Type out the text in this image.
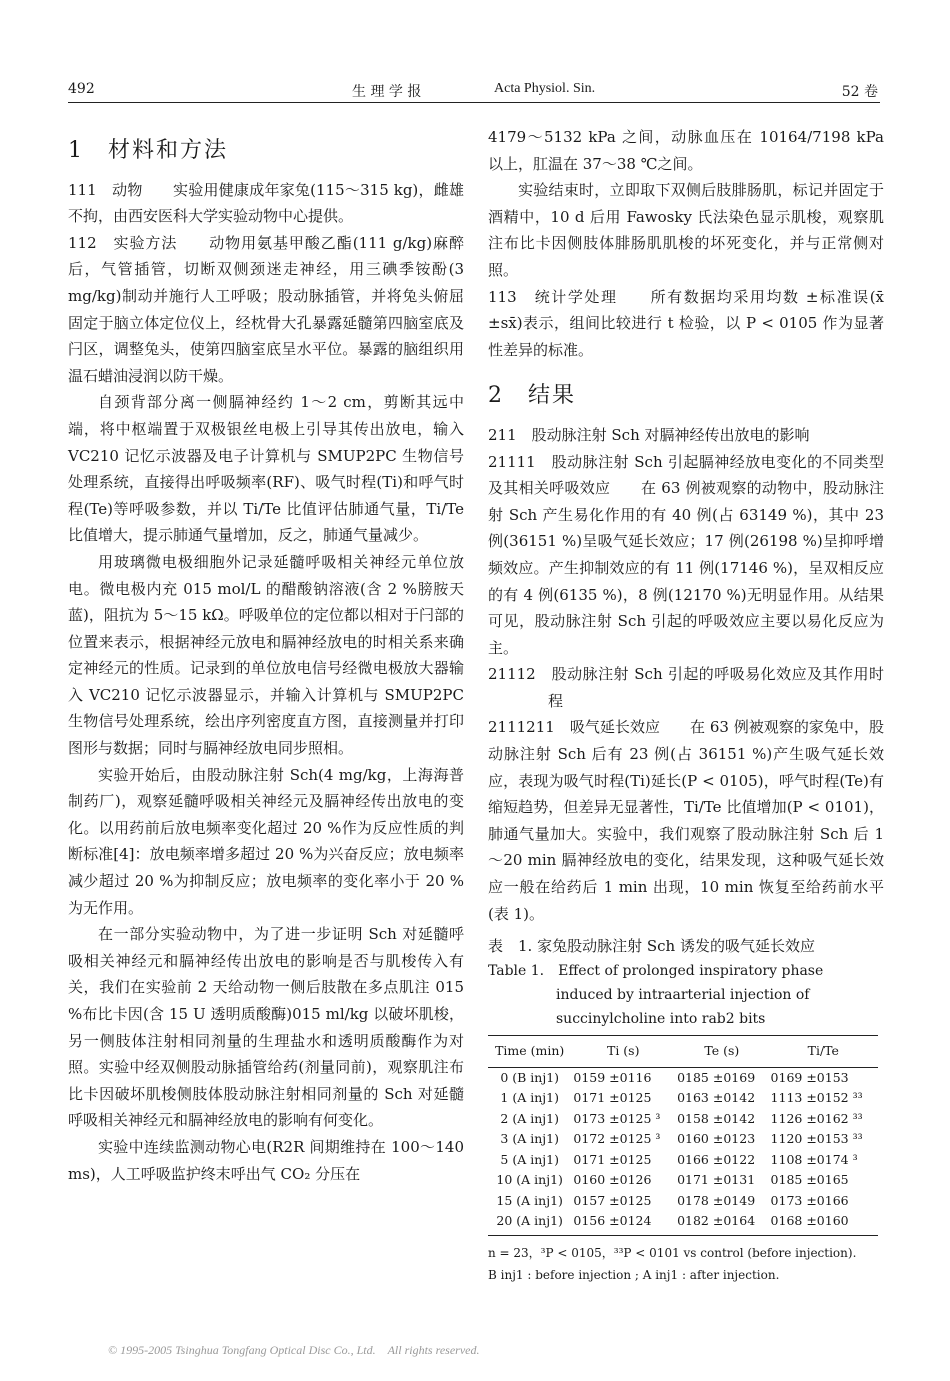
492	生 理 学 报	Acta Physiol. Sin.	52 卷

1　材料和方法

111　动物　　实验用健康成年家兔(115～315 kg)，雌雄不拘，由西安医科大学实验动物中心提供。

112　实验方法　　动物用氨基甲酸乙酯(111 g/kg)麻醉后，气管插管，切断双侧颈迷走神经，用三碘季铵酚(3 mg/kg)制动并施行人工呼吸；股动脉插管，并将兔头俯屈固定于脑立体定位仪上，经枕骨大孔暴露延髓第四脑室底及闩区，调整兔头，使第四脑室底呈水平位。暴露的脑组织用温石蜡油浸润以防干燥。

自颈背部分离一侧膈神经约 1～2 cm，剪断其远中端，将中枢端置于双极银丝电极上引导其传出放电，输入 VC210 记忆示波器及电子计算机与 SMUP2PC 生物信号处理系统，直接得出呼吸频率(RF)、吸气时程(Ti)和呼气时程(Te)等呼吸参数，并以 Ti/Te 比值评估肺通气量，Ti/Te 比值增大，提示肺通气量增加，反之，肺通气量减少。

用玻璃微电极细胞外记录延髓呼吸相关神经元单位放电。微电极内充 015 mol/L 的醋酸钠溶液(含 2 %膀胺天蓝)，阻抗为 5～15 kΩ。呼吸单位的定位都以相对于闩部的位置来表示，根据神经元放电和膈神经放电的时相关系来确定神经元的性质。记录到的单位放电信号经微电极放大器输入 VC210 记忆示波器显示，并输入计算机与 SMUP2PC 生物信号处理系统，绘出序列密度直方图，直接测量并打印图形与数据；同时与膈神经放电同步照相。

实验开始后，由股动脉注射 Sch(4 mg/kg，上海海普制药厂)，观察延髓呼吸相关神经元及膈神经传出放电的变化。以用药前后放电频率变化超过 20 %作为反应性质的判断标准[4]：放电频率增多超过 20 %为兴奋反应；放电频率减少超过 20 %为抑制反应；放电频率的变化率小于 20 %为无作用。

在一部分实验动物中，为了进一步证明 Sch 对延髓呼吸相关神经元和膈神经传出放电的影响是否与肌梭传入有关，我们在实验前 2 天给动物一侧后肢散在多点肌注 015 %布比卡因(含 15 U 透明质酸酶)015 ml/kg 以破坏肌梭，另一侧肢体注射相同剂量的生理盐水和透明质酸酶作为对照。实验中经双侧股动脉插管给药(剂量同前)，观察肌注布比卡因破坏肌梭侧肢体股动脉注射相同剂量的 Sch 对延髓呼吸相关神经元和膈神经放电的影响有何变化。

实验中连续监测动物心电(R2R 间期维持在 100～140 ms)，人工呼吸监护终末呼出气 CO₂ 分压在

4179～5132 kPa 之间，动脉血压在 10164/7198 kPa 以上，肛温在 37～38 ℃之间。

实验结束时，立即取下双侧后肢腓肠肌，标记并固定于酒精中，10 d 后用 Fawosky 氏法染色显示肌梭，观察肌注布比卡因侧肢体腓肠肌肌梭的坏死变化，并与正常侧对照。

113　统计学处理　　所有数据均采用均数 ±标准误(x̄ ±sx̄)表示，组间比较进行 t 检验，以 P < 0105 作为显著性差异的标准。

2　结果

211　股动脉注射 Sch 对膈神经传出放电的影响

21111　股动脉注射 Sch 引起膈神经放电变化的不同类型及其相关呼吸效应　　在 63 例被观察的动物中，股动脉注射 Sch 产生易化作用的有 40 例(占 63149 %)，其中 23 例(36151 %)呈吸气延长效应；17 例(26198 %)呈抑呼增频效应。产生抑制效应的有 11 例(17146 %)，呈双相反应的有 4 例(6135 %)，8 例(12170 %)无明显作用。从结果可见，股动脉注射 Sch 引起的呼吸效应主要以易化反应为主。

21112　股动脉注射 Sch 引起的呼吸易化效应及其作用时程

2111211　吸气延长效应　　在 63 例被观察的家兔中，股动脉注射 Sch 后有 23 例(占 36151 %)产生吸气延长效应，表现为吸气时程(Ti)延长(P < 0105)，呼气时程(Te)有缩短趋势，但差异无显著性，Ti/Te 比值增加(P < 0101)，肺通气量加大。实验中，我们观察了股动脉注射 Sch 后 1～20 min 膈神经放电的变化，结果发现，这种吸气延长效应一般在给药后 1 min 出现，10 min 恢复至给药前水平(表 1)。

表　1. 家兔股动脉注射 Sch 诱发的吸气延长效应

Table 1.　Effect of prolonged inspiratory phase induced by intraarterial injection of succinylcholine into rab2 bits

Time (min)	Ti (s)	Te (s)	Ti/Te
0 (B inj1)	0159 ±0116	0185 ±0169	0169 ±0153
1 (A inj1)	0171 ±0125	0163 ±0142	1113 ±0152 ³³
2 (A inj1)	0173 ±0125 ³	0158 ±0142	1126 ±0162 ³³
3 (A inj1)	0172 ±0125 ³	0160 ±0123	1120 ±0153 ³³
5 (A inj1)	0171 ±0125	0166 ±0122	1108 ±0174 ³
10 (A inj1)	0160 ±0126	0171 ±0131	0185 ±0165
15 (A inj1)	0157 ±0125	0178 ±0149	0173 ±0166
20 (A inj1)	0156 ±0124	0182 ±0164	0168 ±0160

n = 23，³P < 0105，³³P < 0101 vs control (before injection).

B inj1 : before injection ; A inj1 : after injection.

© 1995-2005 Tsinghua Tongfang Optical Disc Co., Ltd.　All rights reserved.
